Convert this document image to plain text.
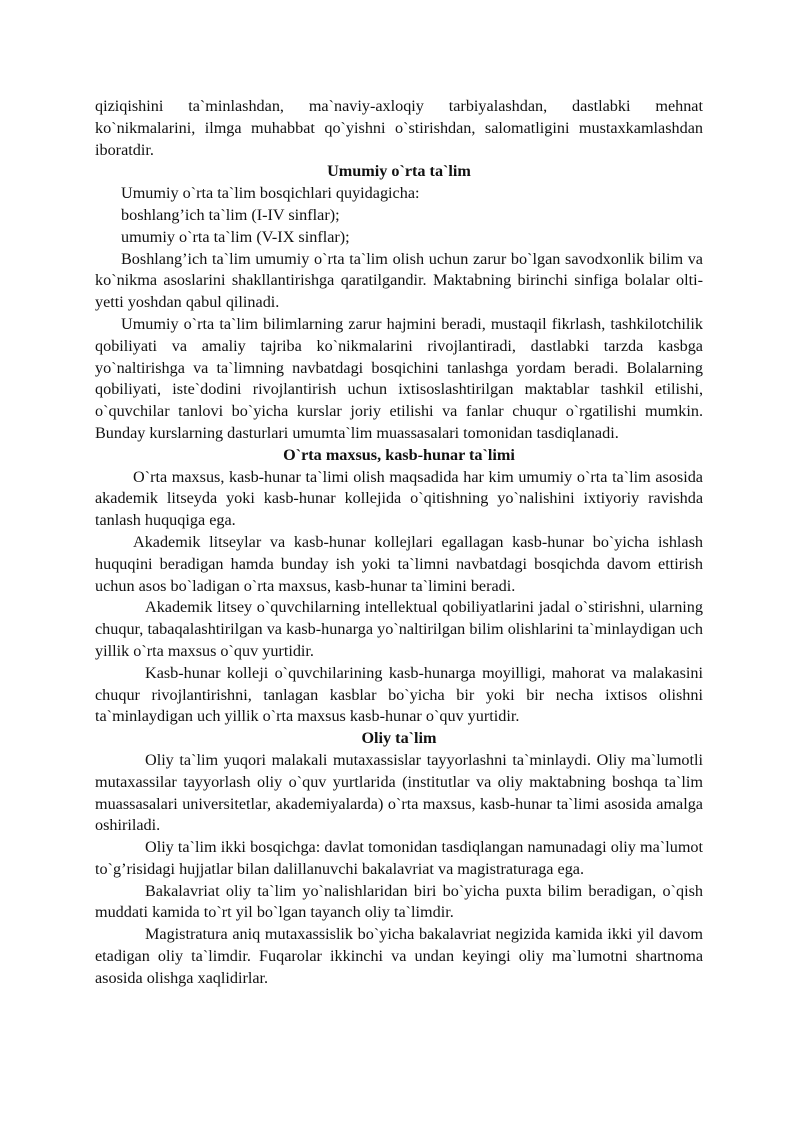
qiziqishini ta`minlashdan, ma`naviy-axloqiy tarbiyalashdan, dastlabki mehnat ko`nikmalarini, ilmga muhabbat qo`yishni o`stirishdan, salomatligini mustaxkamlashdan iboratdir.

Umumiy o`rta ta`lim

Umumiy o`rta ta`lim bosqichlari quyidagicha:

boshlang’ich ta`lim (I-IV sinflar);

umumiy o`rta ta`lim (V-IX sinflar);

Boshlang’ich ta`lim umumiy o`rta ta`lim olish uchun zarur bo`lgan savodxonlik bilim va ko`nikma asoslarini shakllantirishga qaratilgandir. Maktabning birinchi sinfiga bolalar olti-yetti yoshdan qabul qilinadi.

Umumiy o`rta ta`lim bilimlarning zarur hajmini beradi, mustaqil fikrlash, tashkilotchilik qobiliyati va amaliy tajriba ko`nikmalarini rivojlantiradi, dastlabki tarzda kasbga yo`naltirishga va ta`limning navbatdagi bosqichini tanlashga yordam beradi. Bolalarning qobiliyati, iste`dodini rivojlantirish uchun ixtisoslashtirilgan maktablar tashkil etilishi, o`quvchilar tanlovi bo`yicha kurslar joriy etilishi va fanlar chuqur o`rgatilishi mumkin. Bunday kurslarning dasturlari umumta`lim muassasalari tomonidan tasdiqlanadi.

O`rta maxsus, kasb-hunar ta`limi

O`rta maxsus, kasb-hunar ta`limi olish maqsadida har kim umumiy o`rta ta`lim asosida akademik litseyda yoki kasb-hunar kollejida o`qitishning yo`nalishini ixtiyoriy ravishda tanlash huquqiga ega.

Akademik litseylar va kasb-hunar kollejlari egallagan kasb-hunar bo`yicha ishlash huquqini beradigan hamda bunday ish yoki ta`limni navbatdagi bosqichda davom ettirish uchun asos bo`ladigan o`rta maxsus, kasb-hunar ta`limini beradi.

Akademik litsey o`quvchilarning intellektual qobiliyatlarini jadal o`stirishni, ularning chuqur, tabaqalashtirilgan va kasb-hunarga yo`naltirilgan bilim olishlarini ta`minlaydigan uch yillik o`rta maxsus o`quv yurtidir.

Kasb-hunar kolleji o`quvchilarining kasb-hunarga moyilligi, mahorat va malakasini chuqur rivojlantirishni, tanlagan kasblar bo`yicha bir yoki bir necha ixtisos olishni ta`minlaydigan uch yillik o`rta maxsus kasb-hunar o`quv yurtidir.

Oliy ta`lim

Oliy ta`lim yuqori malakali mutaxassislar tayyorlashni ta`minlaydi. Oliy ma`lumotli mutaxassilar tayyorlash oliy o`quv yurtlarida (institutlar va oliy maktabning boshqa ta`lim muassasalari universitetlar, akademiyalarda) o`rta maxsus, kasb-hunar ta`limi asosida amalga oshiriladi.

Oliy ta`lim ikki bosqichga: davlat tomonidan tasdiqlangan namunadagi oliy ma`lumot to`g’risidagi hujjatlar bilan dalillanuvchi bakalavriat va magistraturaga ega.

Bakalavriat oliy ta`lim yo`nalishlaridan biri bo`yicha puxta bilim beradigan, o`qish muddati kamida to`rt yil bo`lgan tayanch oliy ta`limdir.

Magistratura aniq mutaxassislik bo`yicha bakalavriat negizida kamida ikki yil davom etadigan oliy ta`limdir. Fuqarolar ikkinchi va undan keyingi oliy ma`lumotni shartnoma asosida olishga xaqlidirlar.
